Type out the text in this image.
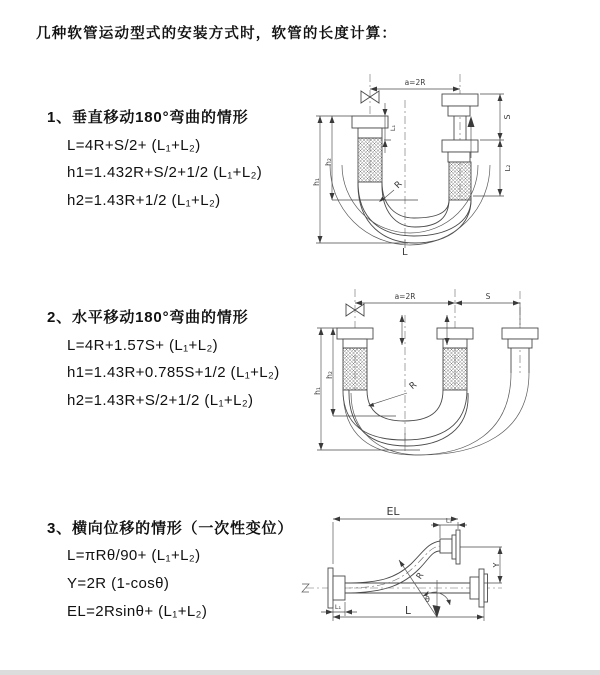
几种软管运动型式的安装方式时，软管的长度计算：
1、垂直移动180°弯曲的情形
L=4R+S/2+ (L₁+L₂)
h1=1.432R+S/2+1/2 (L₁+L₂)
h2=1.43R+1/2 (L₁+L₂)
2、水平移动180°弯曲的情形
L=4R+1.57S+ (L₁+L₂)
h1=1.43R+0.785S+1/2 (L₁+L₂)
h2=1.43R+S/2+1/2 (L₁+L₂)
3、横向位移的情形（一次性变位）
L=πRθ/90+ (L₁+L₂)
Y=2R (1-cosθ)
EL=2Rsinθ+ (L₁+L₂)
a=2R
S
L₂
h₁
h₂
L₁
R
L
a=2R	S
h₁
h₂
R
EL
L₂
Y
R
θ
L₁	L
